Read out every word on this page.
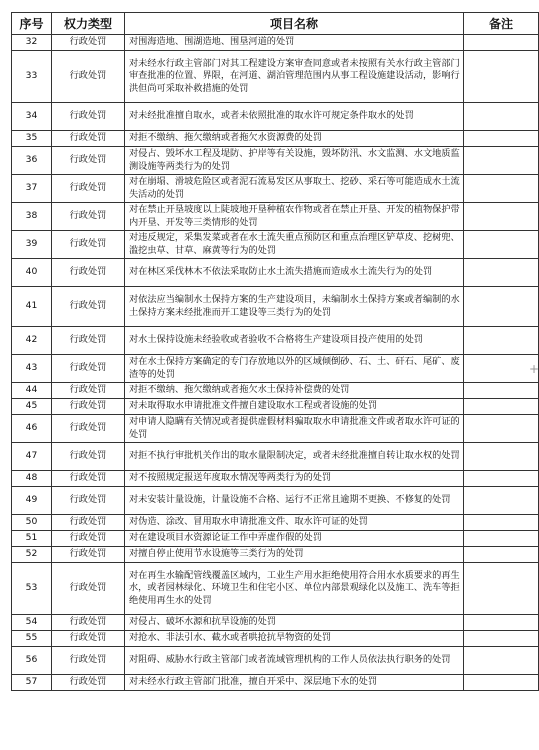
序号	权力类型	项目名称	备注
32	行政处罚	对围海造地、围湖造地、围垦河道的处罚	
33	行政处罚	对未经水行政主管部门对其工程建设方案审查同意或者未按照有关水行政主管部门审查批准的位置、界限，在河道、湖泊管理范围内从事工程设施建设活动，影响行洪但尚可采取补救措施的处罚	
34	行政处罚	对未经批准擅自取水，或者未依照批准的取水许可规定条件取水的处罚	
35	行政处罚	对拒不缴纳、拖欠缴纳或者拖欠水资源费的处罚	
36	行政处罚	对侵占、毁坏水工程及堤防、护岸等有关设施，毁坏防汛、水文监测、水文地质监测设施等两类行为的处罚	
37	行政处罚	对在崩塌、滑坡危险区或者泥石流易发区从事取土、挖砂、采石等可能造成水土流失活动的处罚	
38	行政处罚	对在禁止开垦坡度以上陡坡地开垦种植农作物或者在禁止开垦、开发的植物保护带内开垦、开发等三类情形的处罚	
39	行政处罚	对违反规定，采集发菜或者在水土流失重点预防区和重点治理区铲草皮、挖树兜、滥挖虫草、甘草、麻黄等行为的处罚	
40	行政处罚	对在林区采伐林木不依法采取防止水土流失措施而造成水土流失行为的处罚	
41	行政处罚	对依法应当编制水土保持方案的生产建设项目，未编制水土保持方案或者编制的水土保持方案未经批准而开工建设等三类行为的处罚	
42	行政处罚	对水土保持设施未经验收或者验收不合格将生产建设项目投产使用的处罚	
43	行政处罚	对在水土保持方案确定的专门存放地以外的区域倾倒砂、石、土、矸石、尾矿、废渣等的处罚	
44	行政处罚	对拒不缴纳、拖欠缴纳或者拖欠水土保持补偿费的处罚	
45	行政处罚	对未取得取水申请批准文件擅自建设取水工程或者设施的处罚	
46	行政处罚	对申请人隐瞒有关情况或者提供虚假材料骗取取水申请批准文件或者取水许可证的处罚	
47	行政处罚	对拒不执行审批机关作出的取水量限制决定，或者未经批准擅自转让取水权的处罚	
48	行政处罚	对不按照规定报送年度取水情况等两类行为的处罚	
49	行政处罚	对未安装计量设施，计量设施不合格、运行不正常且逾期不更换、不修复的处罚	
50	行政处罚	对伪造、涂改、冒用取水申请批准文件、取水许可证的处罚	
51	行政处罚	对在建设项目水资源论证工作中弄虚作假的处罚	
52	行政处罚	对擅自停止使用节水设施等三类行为的处罚	
53	行政处罚	对在再生水输配管线覆盖区域内，工业生产用水拒绝使用符合用水水质要求的再生水，或者园林绿化、环境卫生和住宅小区、单位内部景观绿化以及施工、洗车等拒绝使用再生水的处罚	
54	行政处罚	对侵占、破坏水源和抗旱设施的处罚	
55	行政处罚	对抢水、非法引水、截水或者哄抢抗旱物资的处罚	
56	行政处罚	对阻碍、威胁水行政主管部门或者流域管理机构的工作人员依法执行职务的处罚	
57	行政处罚	对未经水行政主管部门批准，擅自开采中、深层地下水的处罚	
+
